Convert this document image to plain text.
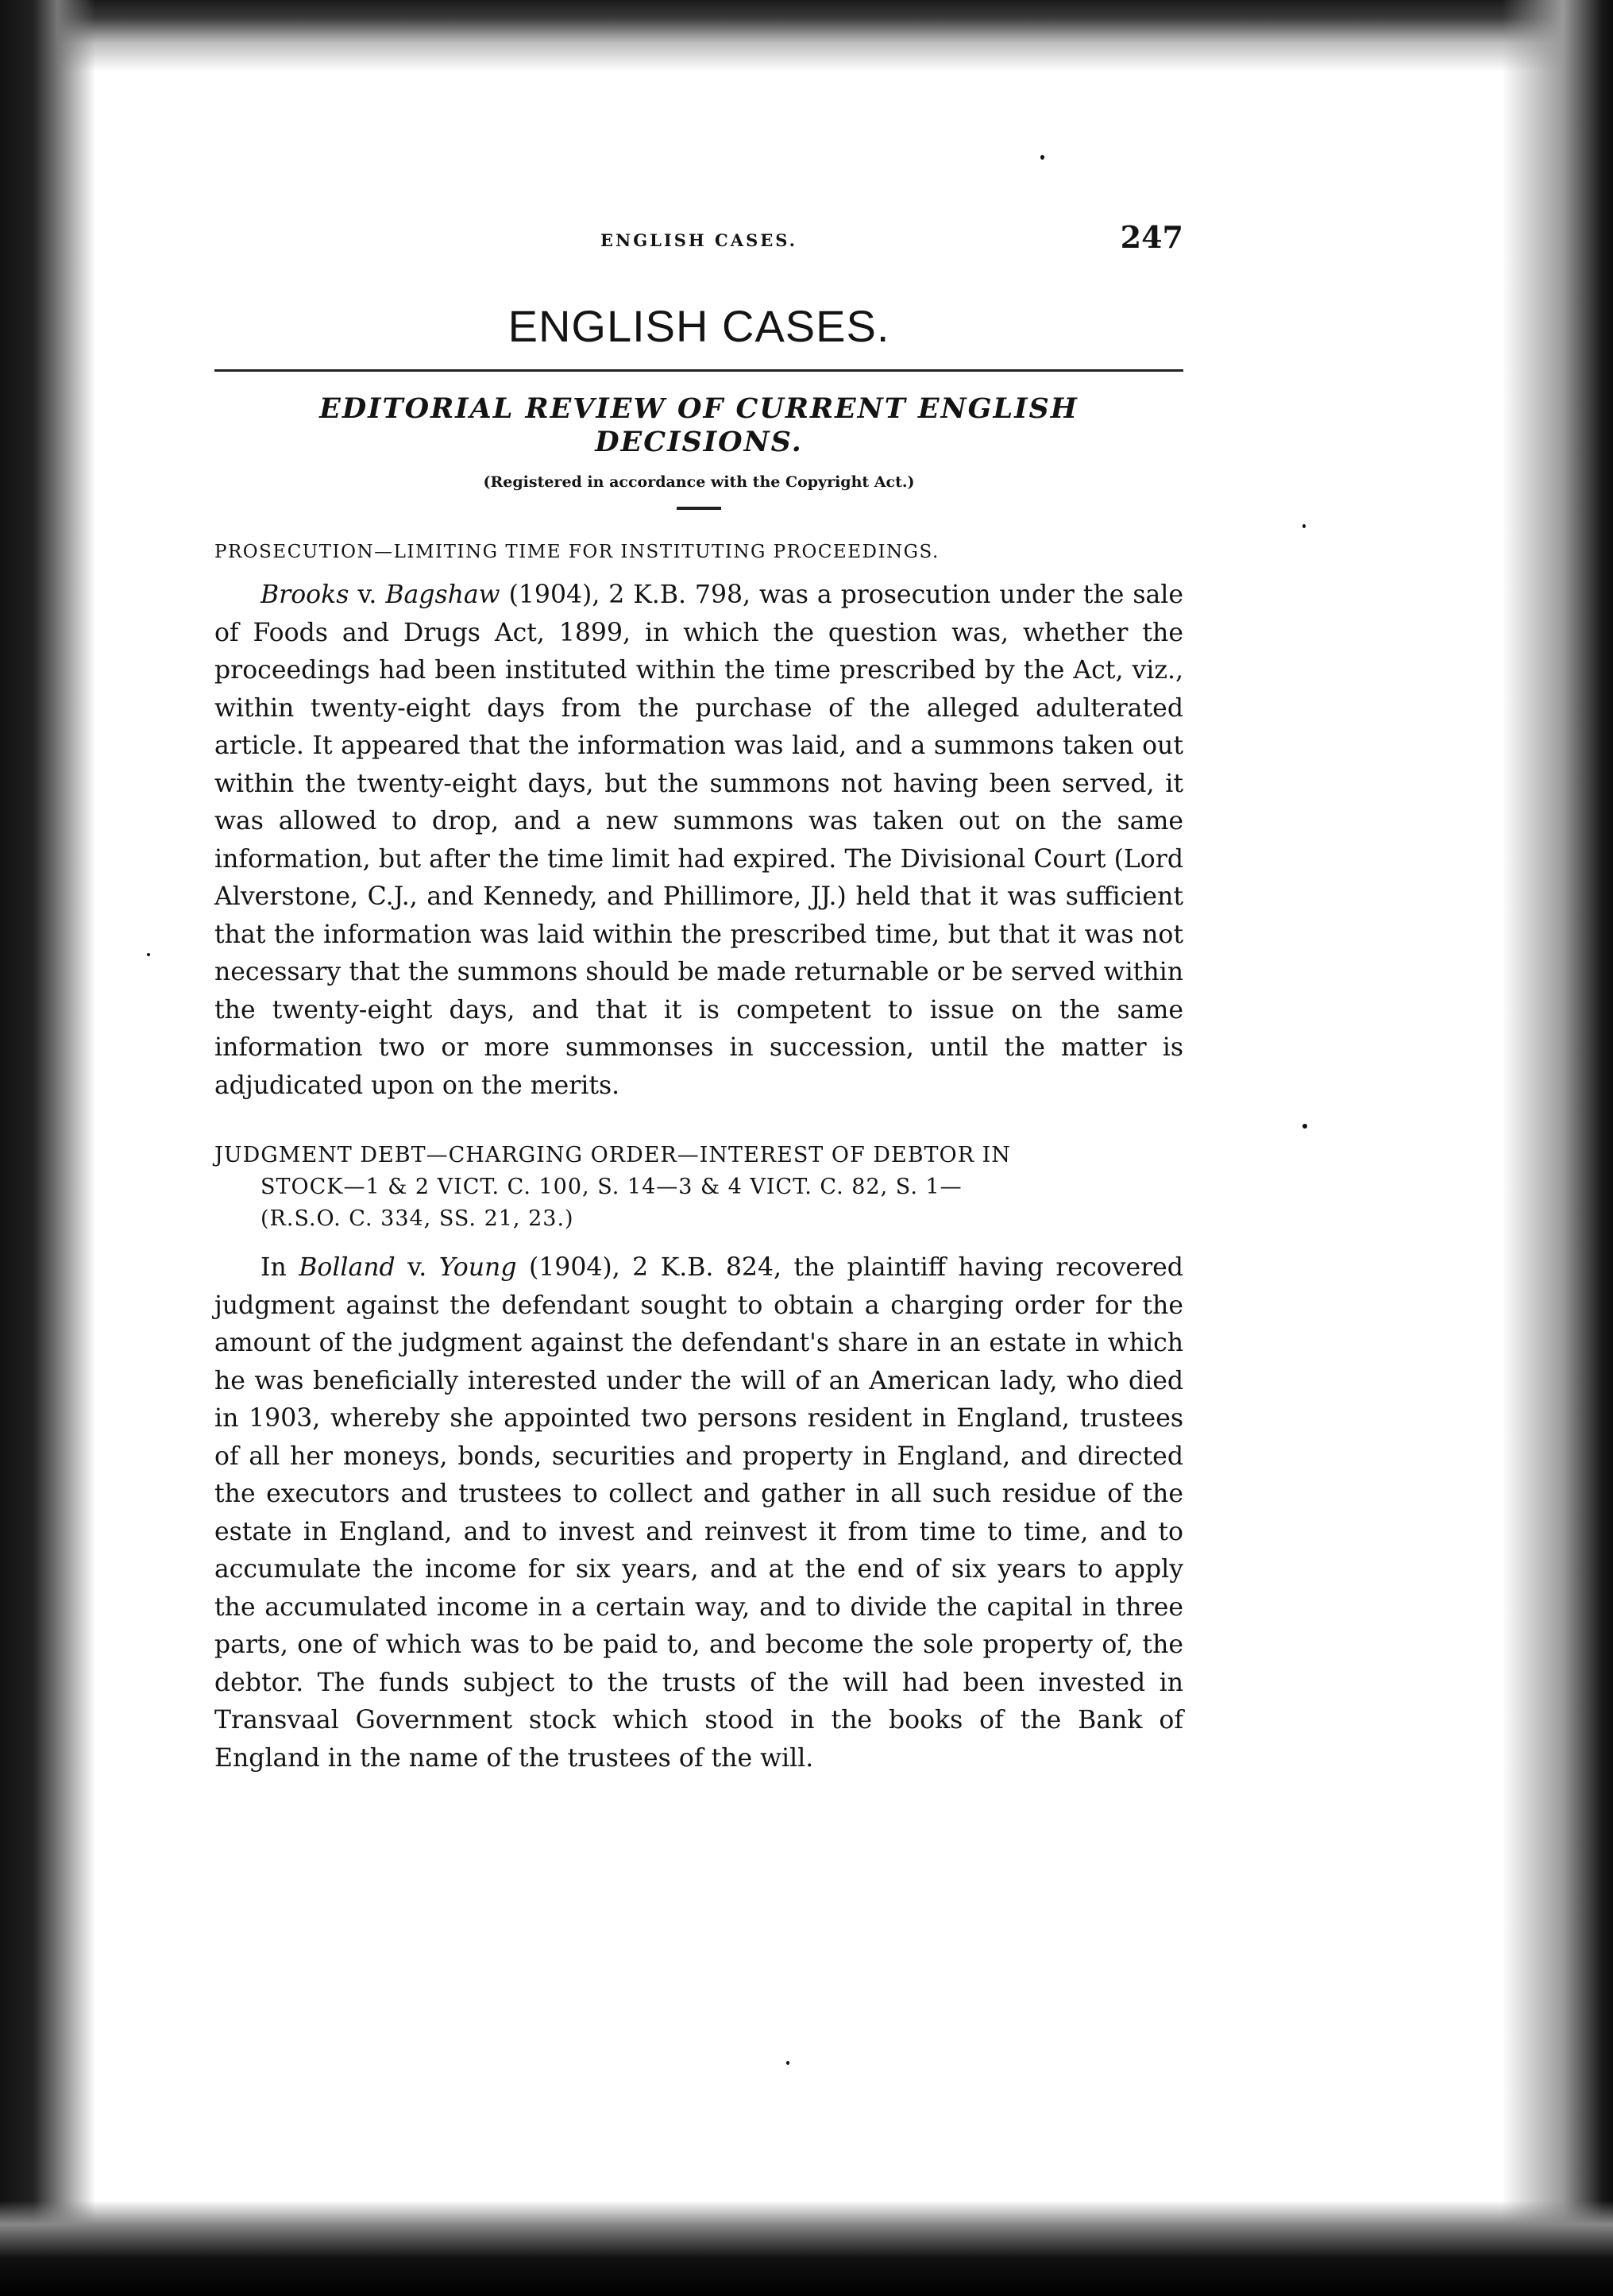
ENGLISH CASES.	247
ENGLISH CASES.
EDITORIAL REVIEW OF CURRENT ENGLISH DECISIONS.
(Registered in accordance with the Copyright Act.)
PROSECUTION—LIMITING TIME FOR INSTITUTING PROCEEDINGS.

Brooks v. Bagshaw (1904), 2 K.B. 798, was a prosecution under the sale of Foods and Drugs Act, 1899, in which the question was, whether the proceedings had been instituted within the time prescribed by the Act, viz., within twenty-eight days from the purchase of the alleged adulterated article. It appeared that the information was laid, and a summons taken out within the twenty-eight days, but the summons not having been served, it was allowed to drop, and a new summons was taken out on the same information, but after the time limit had expired. The Divisional Court (Lord Alverstone, C.J., and Kennedy, and Phillimore, JJ.) held that it was sufficient that the information was laid within the prescribed time, but that it was not necessary that the summons should be made returnable or be served within the twenty-eight days, and that it is competent to issue on the same information two or more summonses in succession, until the matter is adjudicated upon on the merits.

JUDGMENT DEBT—CHARGING ORDER—INTEREST OF DEBTOR IN
STOCK—1 & 2 VICT. C. 100, S. 14—3 & 4 VICT. C. 82, S. 1—
(R.S.O. C. 334, SS. 21, 23.)

In Bolland v. Young (1904), 2 K.B. 824, the plaintiff having recovered judgment against the defendant sought to obtain a charging order for the amount of the judgment against the defendant's share in an estate in which he was beneficially interested under the will of an American lady, who died in 1903, whereby she appointed two persons resident in England, trustees of all her moneys, bonds, securities and property in England, and directed the executors and trustees to collect and gather in all such residue of the estate in England, and to invest and reinvest it from time to time, and to accumulate the income for six years, and at the end of six years to apply the accumulated income in a certain way, and to divide the capital in three parts, one of which was to be paid to, and become the sole property of, the debtor. The funds subject to the trusts of the will had been invested in Transvaal Government stock which stood in the books of the Bank of England in the name of the trustees of the will.
